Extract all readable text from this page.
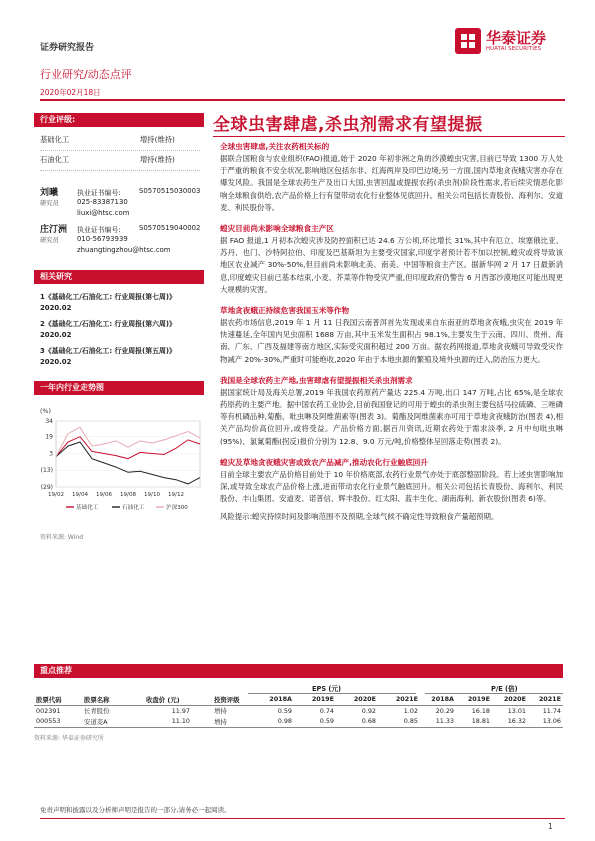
证券研究报告
华泰证券
HUATAI SECURITIES
行业研究/动态点评
2020年02月18日
全球虫害肆虐,杀虫剂需求有望提振
行业评级:
基础化工	增持(维持)
石油化工	增持(维持)
刘曦
研究员
执业证书编号:	S0570515030003
025-83387130
liuxi@htsc.com
庄汀洲
研究员
执业证书编号:	S0570519040002
010-56793939
zhuangtingzhou@htsc.com
相关研究
1《基础化工/石油化工: 行业周报(第七周)》
2020.02
2《基础化工/石油化工: 行业周报(第六周)》
2020.02
3《基础化工/石油化工: 行业周报(第五周)》
2020.02
一年内行业走势图
(%)
34
19
3
(13)
(29)
19/02 19/04 19/06 19/08 19/10 19/12
基础化工	石油化工	沪深300
资料来源: Wind
全球虫害肆虐,关注农药相关标的
据联合国粮食与农业组织(FAO)报道,始于 2020 年初非洲之角的沙漠蝗虫灾害,目前已导致 1300 万人处于严重的粮食不安全状况,影响地区包括东非、红海两岸及印巴边境;另一方面,国内草地贪夜蛾灾害亦存在爆发风险。我国是全球农药生产及出口大国,虫害回温或提振农药(杀虫剂)阶段性需求,若后续灾情恶化影响全球粮食供给,农产品价格上行有望带动农化行业整体见底回升。相关公司包括长青股份、海利尔、安道麦、利民股份等。
蝗灾目前尚未影响全球粮食主产区
据 FAO 报道,1 月初本次蝗灾涉及防控面积已达 24.6 万公顷,环比增长 31%,其中有厄立、埃塞俄比亚、苏丹、也门、沙特阿拉伯、印度及巴基斯坦为主要受灾国家,印度学者预计若不加以控制,蝗灾或将导致该地区农业减产 30%-50%,但目前尚未影响北美、南美、中国等粮食主产区。据新华网 2 月 17 日最新消息,印度蝗灾目前已基本结束,小麦、芥菜等作物受灾严重,但印度政府仍警告 6 月西部沙漠地区可能出现更大规模的灾害。
草地贪夜蛾正持续危害我国玉米等作物
据农药市场信息,2019 年 1 月 11 日我国云南普洱首先发现或来自东南亚的草地贪夜蛾,虫灾在 2019 年快速蔓延,全年国内见虫面积 1688 万亩,其中玉米发生面积占 98.1%,主要发生于云南、四川、贵州、海南、广东、广西及福建等南方地区,实际受灾面积超过 200 万亩。据农药网报道,草地贪夜蛾可导致受灾作物减产 20%-30%,严重时可能绝收,2020 年由于本地虫源的繁殖及境外虫源的迁入,防治压力更大。
我国是全球农药主产地,虫害肆虐有望提振相关杀虫剂需求
据国家统计局及海关总署,2019 年我国农药原药产量达 225.4 万吨,出口 147 万吨,占比 65%,是全球农药原药的主要产地。据中国农药工业协会,目前我国登记的可用于蝗虫的杀虫剂主要包括马拉硫磷、三唑磷等有机磷品种,菊酯、吡虫啉及阿维菌素等(图表 3)。菊酯及阿维菌素亦可用于草地贪夜蛾防治(图表 4),相关产品均价高位回升,或将受益。产品价格方面,据百川资讯,近期农药处于需求淡季, 2 月中旬吡虫啉(95%)、氯氰菊酯(拐反)报价分别为 12.8、9.0 万元/吨,价格整体呈回落走势(图表 2)。
蝗灾及草地贪夜蛾灾害或致农产品减产,推动农化行业触底回升
目前全球主要农产品价格目前处于 10 年价格底部,农药行业景气亦处于底部整固阶段。若上述虫害影响加深,或导致全球农产品价格上涨,进而带动农化行业景气触底回升。相关公司包括长青股份、海利尔、利民股份、丰山集团、安道麦、诺普信、辉丰股份、红太阳、蓝丰生化、湖南海利、新农股份(图表 6)等。
风险提示:蝗灾持续时间及影响范围不及预期,全球气候不确定性导致粮食产量超预期。
重点推荐
EPS (元)	P/E (倍)
股票代码	股票名称	收盘价 (元)	投资评级	2018A	2019E	2020E	2021E	2018A	2019E	2020E	2021E
002391	长青股份	11.97	增持	0.59	0.74	0.92	1.02	20.29	16.18	13.01	11.74
000553	安道麦A	11.10	增持	0.98	0.59	0.68	0.85	11.33	18.81	16.32	13.06
资料来源: 华泰证券研究所
免责声明和披露以及分析师声明是报告的一部分,请务必一起阅读。
1
